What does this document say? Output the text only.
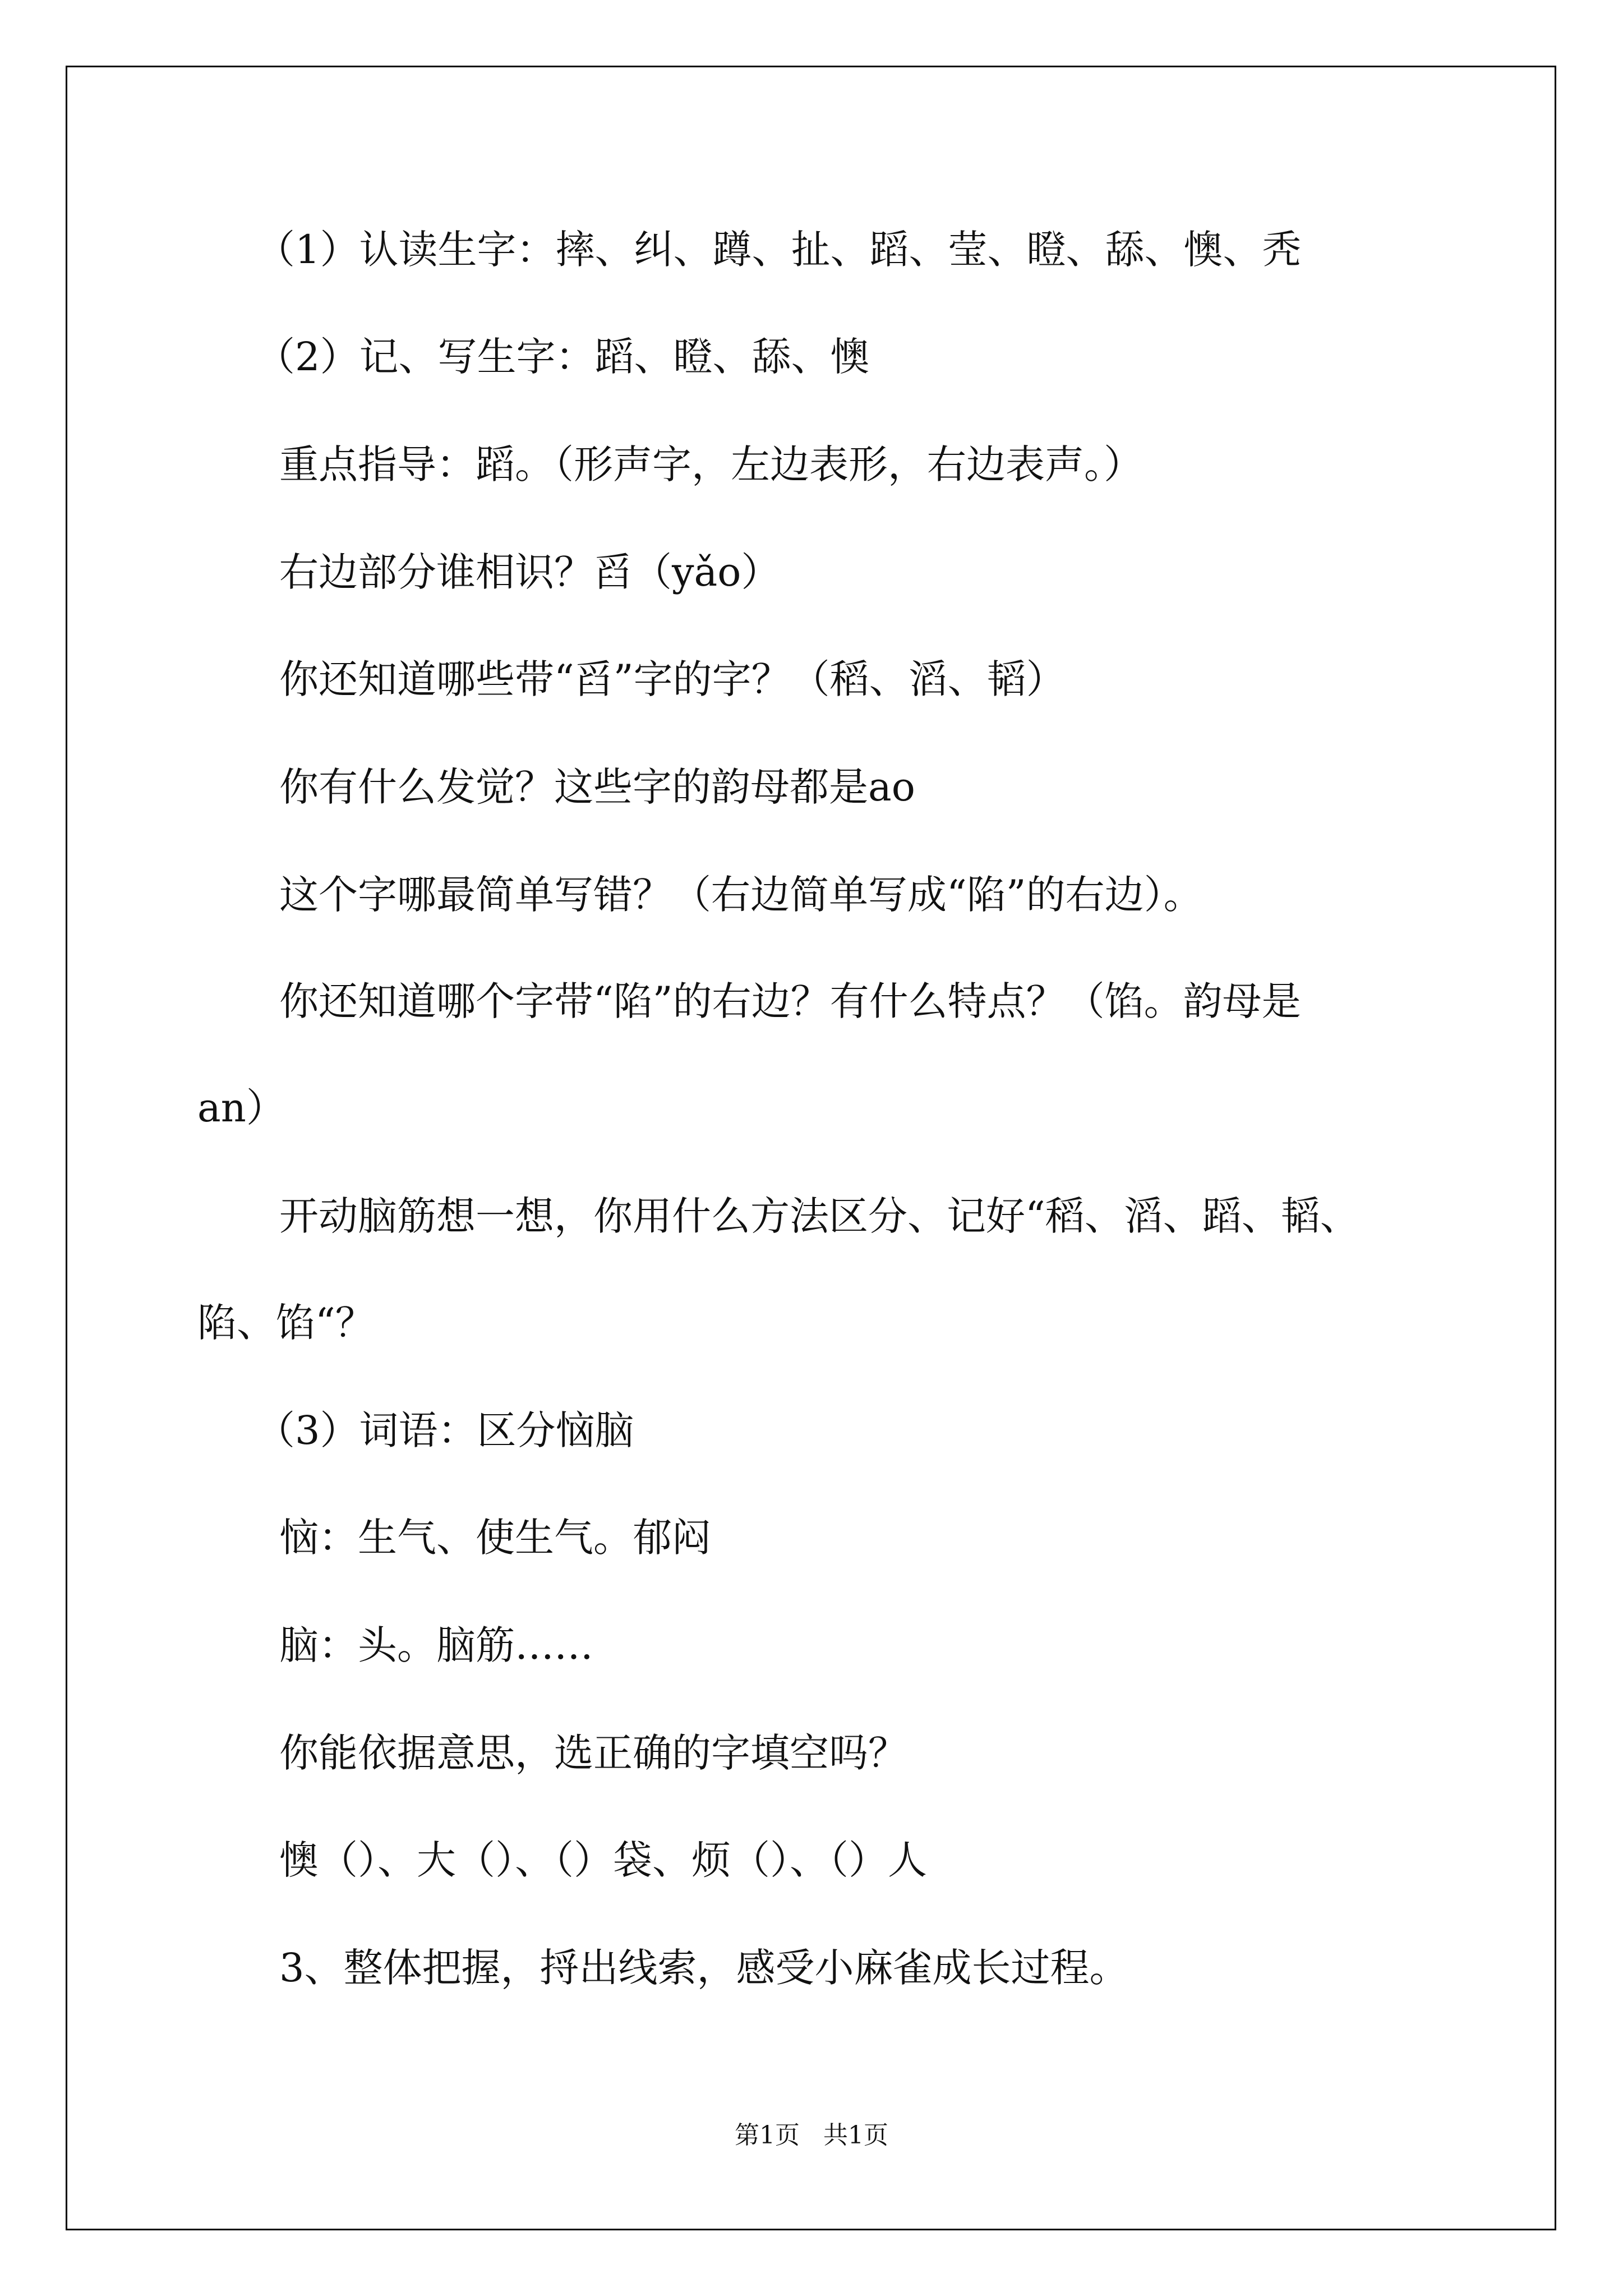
（1）认读生字：摔、纠、蹲、扯、蹈、莹、瞪、舔、懊、秃

（2）记、写生字：蹈、瞪、舔、懊

重点指导：蹈。（形声字，左边表形，右边表声。）

右边部分谁相识？舀（yǎo）

你还知道哪些带“舀”字的字？（稻、滔、韬）

你有什么发觉？这些字的韵母都是ao

这个字哪最简单写错？（右边简单写成“陷”的右边）。

你还知道哪个字带“陷”的右边？有什么特点？（馅。韵母是

an）

开动脑筋想一想，你用什么方法区分、记好“稻、滔、蹈、韬、

陷、馅“？

（3）词语：区分恼脑

恼：生气、使生气。郁闷

脑：头。脑筋……

你能依据意思，选正确的字填空吗？

懊（）、大（）、（）袋、烦（）、（）人

3、整体把握，捋出线索，感受小麻雀成长过程。

第1页   共1页
